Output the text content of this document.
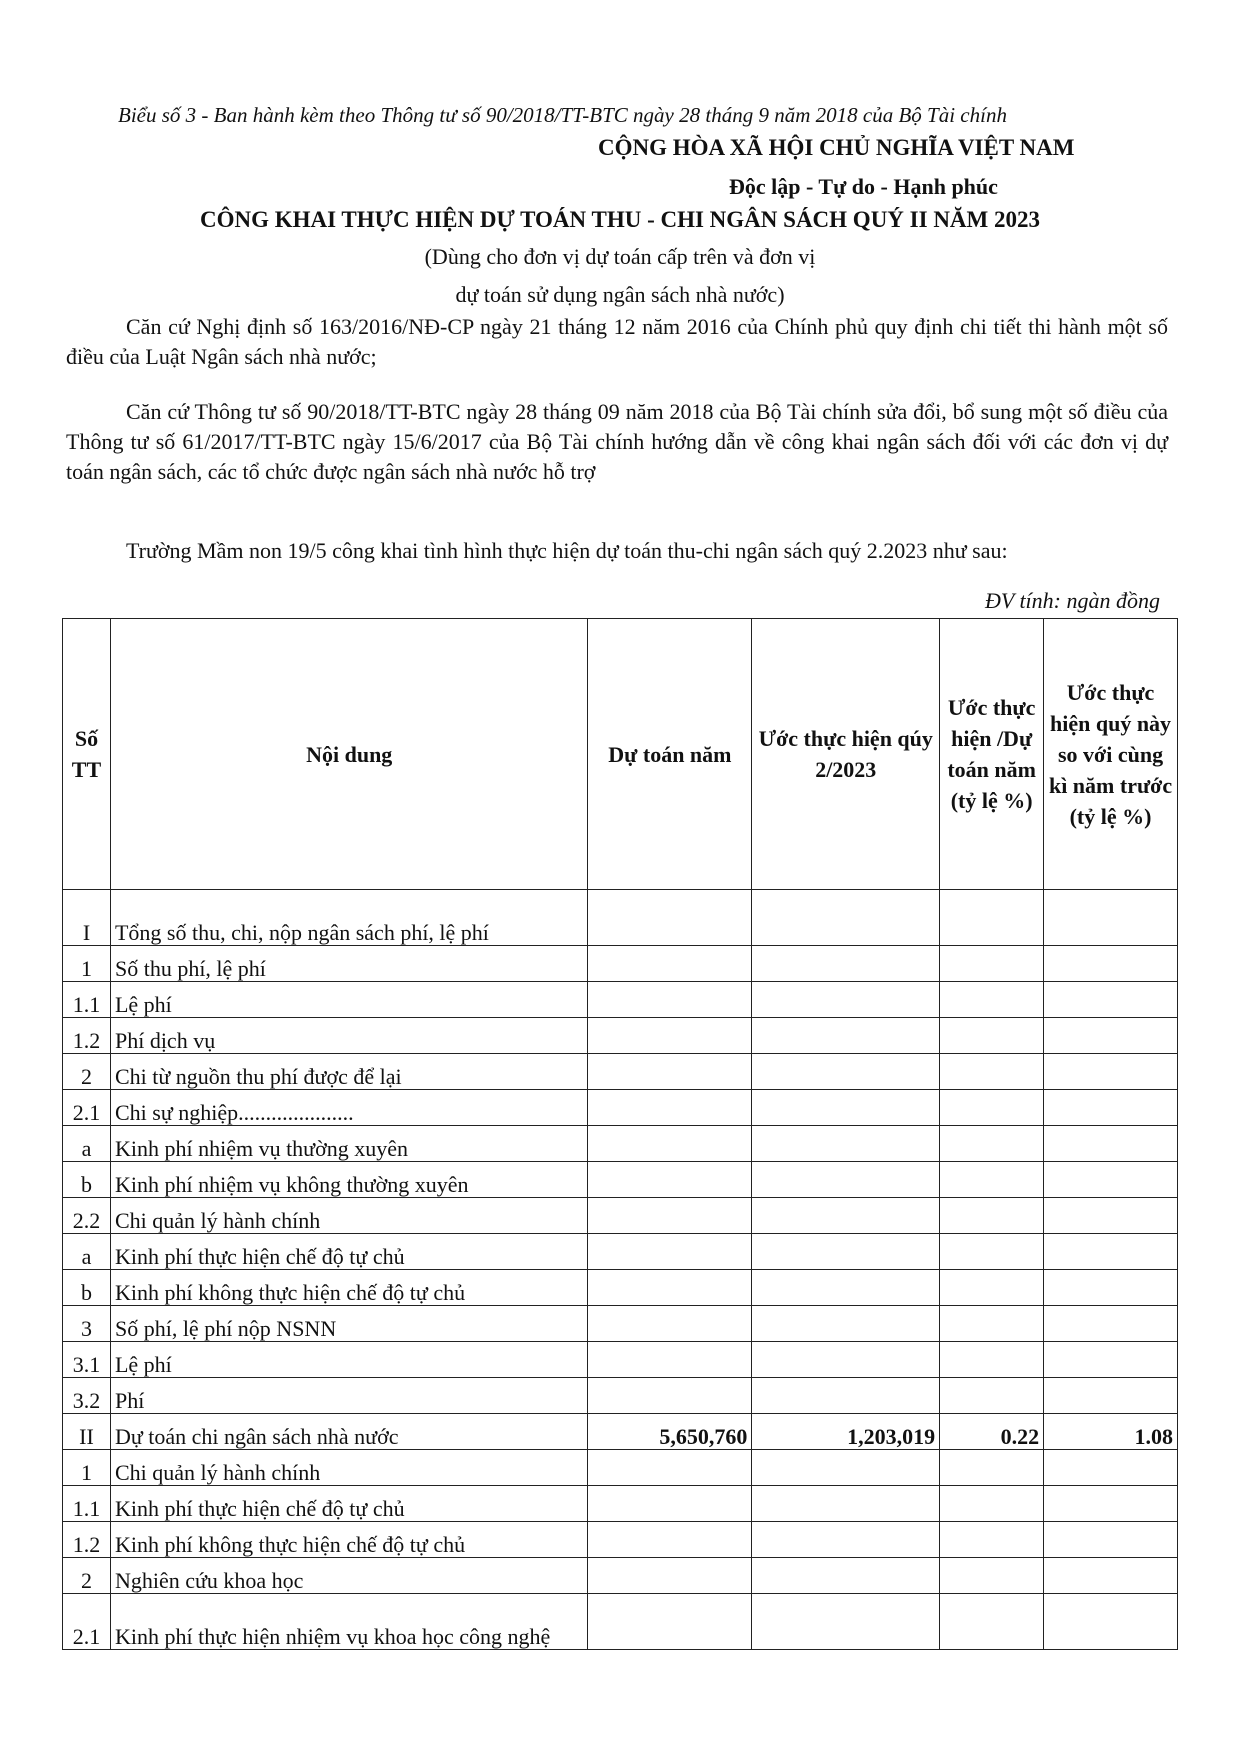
Biểu số 3 - Ban hành kèm theo Thông tư số 90/2018/TT-BTC ngày 28 tháng 9 năm 2018 của Bộ Tài chính
CỘNG HÒA XÃ HỘI CHỦ NGHĨA VIỆT NAM
Độc lập - Tự do - Hạnh phúc
CÔNG KHAI THỰC HIỆN DỰ TOÁN THU - CHI NGÂN SÁCH QUÝ II NĂM 2023
(Dùng cho đơn vị dự toán cấp trên và đơn vị
dự toán sử dụng ngân sách nhà nước)
Căn cứ Nghị định số 163/2016/NĐ-CP ngày 21 tháng 12 năm 2016 của Chính phủ quy định chi tiết thi hành một số điều của Luật Ngân sách nhà nước;
Căn cứ Thông tư số 90/2018/TT-BTC ngày 28 tháng 09 năm 2018 của Bộ Tài chính sửa đổi, bổ sung một số điều của Thông tư số 61/2017/TT-BTC ngày 15/6/2017 của Bộ Tài chính hướng dẫn về công khai ngân sách đối với các đơn vị dự toán ngân sách, các tổ chức được ngân sách nhà nước hỗ trợ
Trường Mầm non 19/5 công khai tình hình thực hiện dự toán thu-chi ngân sách quý 2.2023 như sau:
ĐV tính: ngàn đồng
Số TT	Nội dung	Dự toán năm	Ước thực hiện qúy 2/2023	Ước thực hiện /Dự toán năm (tỷ lệ %)	Ước thực hiện quý này so với cùng kì năm trước (tỷ lệ %)
I	Tổng số thu, chi, nộp ngân sách phí, lệ phí				
1	Số thu phí, lệ phí				
1.1	Lệ phí				
1.2	Phí dịch vụ				
2	Chi từ nguồn thu phí được để lại				
2.1	Chi sự nghiệp.....................				
a	Kinh phí nhiệm vụ thường xuyên				
b	Kinh phí nhiệm vụ không thường xuyên				
2.2	Chi quản lý hành chính				
a	Kinh phí thực hiện chế độ tự chủ				
b	Kinh phí không thực hiện chế độ tự chủ				
3	Số phí, lệ phí nộp NSNN				
3.1	Lệ phí				
3.2	Phí				
II	Dự toán chi ngân sách nhà nước	5,650,760	1,203,019	0.22	1.08
1	Chi quản lý hành chính				
1.1	Kinh phí thực hiện chế độ tự chủ				
1.2	Kinh phí không thực hiện chế độ tự chủ				
2	Nghiên cứu khoa học				
2.1	Kinh phí thực hiện nhiệm vụ khoa học công nghệ				
